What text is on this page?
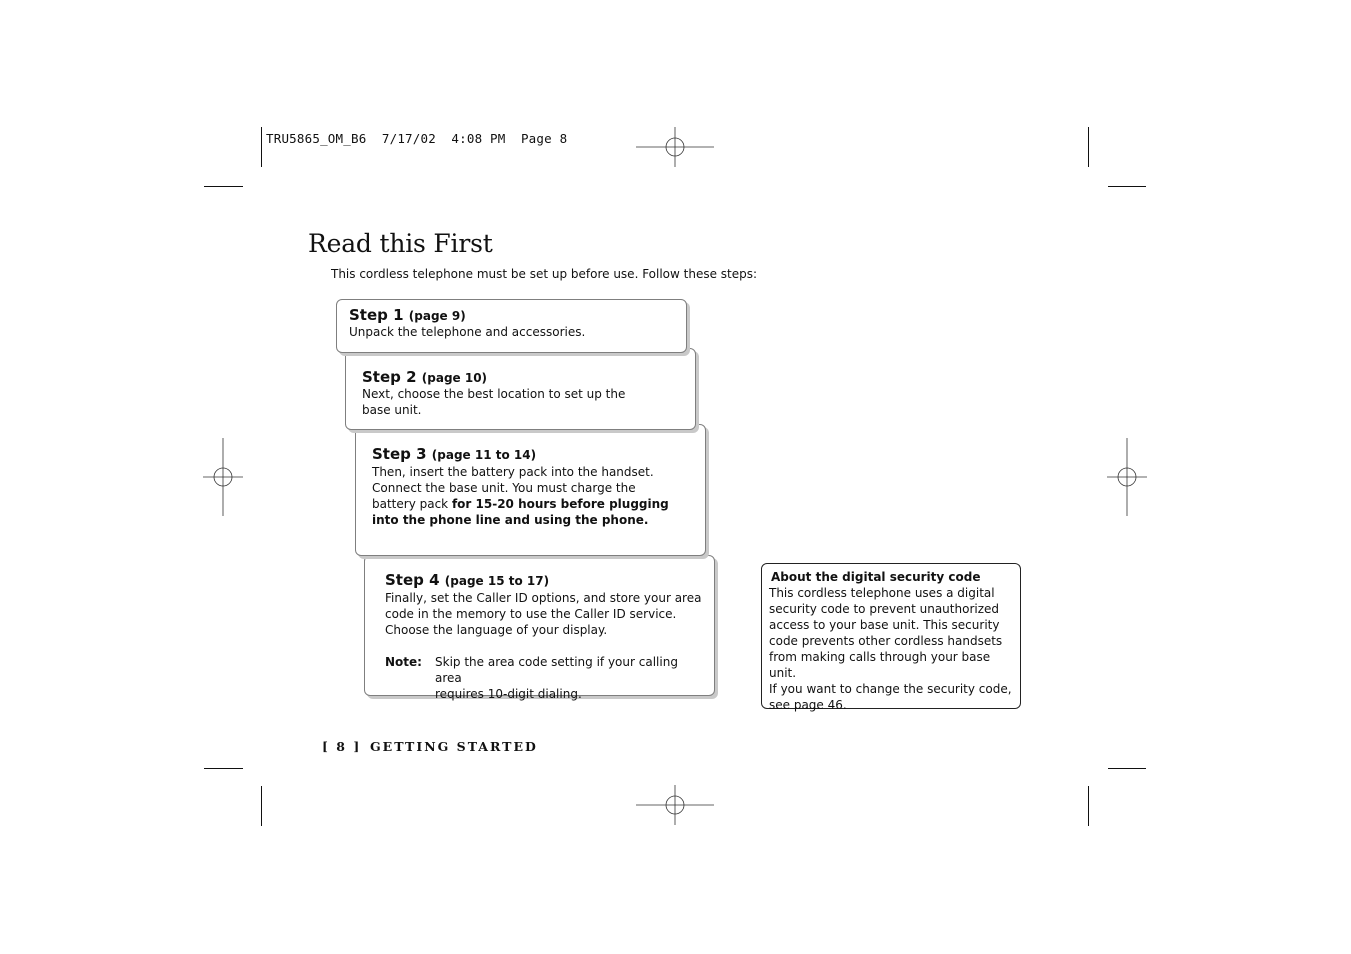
TRU5865_OM_B6  7/17/02  4:08 PM  Page 8
Read this First
This cordless telephone must be set up before use. Follow these steps:
Step 4 (page 15 to 17)
Finally, set the Caller ID options, and store your area
code in the memory to use the Caller ID service.
Choose the language of your display.
Note: Skip the area code setting if your calling area
requires 10-digit dialing.
Step 3 (page 11 to 14)
Then, insert the battery pack into the handset.
Connect the base unit. You must charge the
battery pack for 15-20 hours before plugging
into the phone line and using the phone.
Step 2 (page 10)
Next, choose the best location to set up the
base unit.
Step 1 (page 9)
Unpack the telephone and accessories.
About the digital security code
This cordless telephone uses a digital
security code to prevent unauthorized
access to your base unit. This security
code prevents other cordless handsets
from making calls through your base unit.
If you want to change the security code,
see page 46.
[ 8 ] GETTING STARTED
